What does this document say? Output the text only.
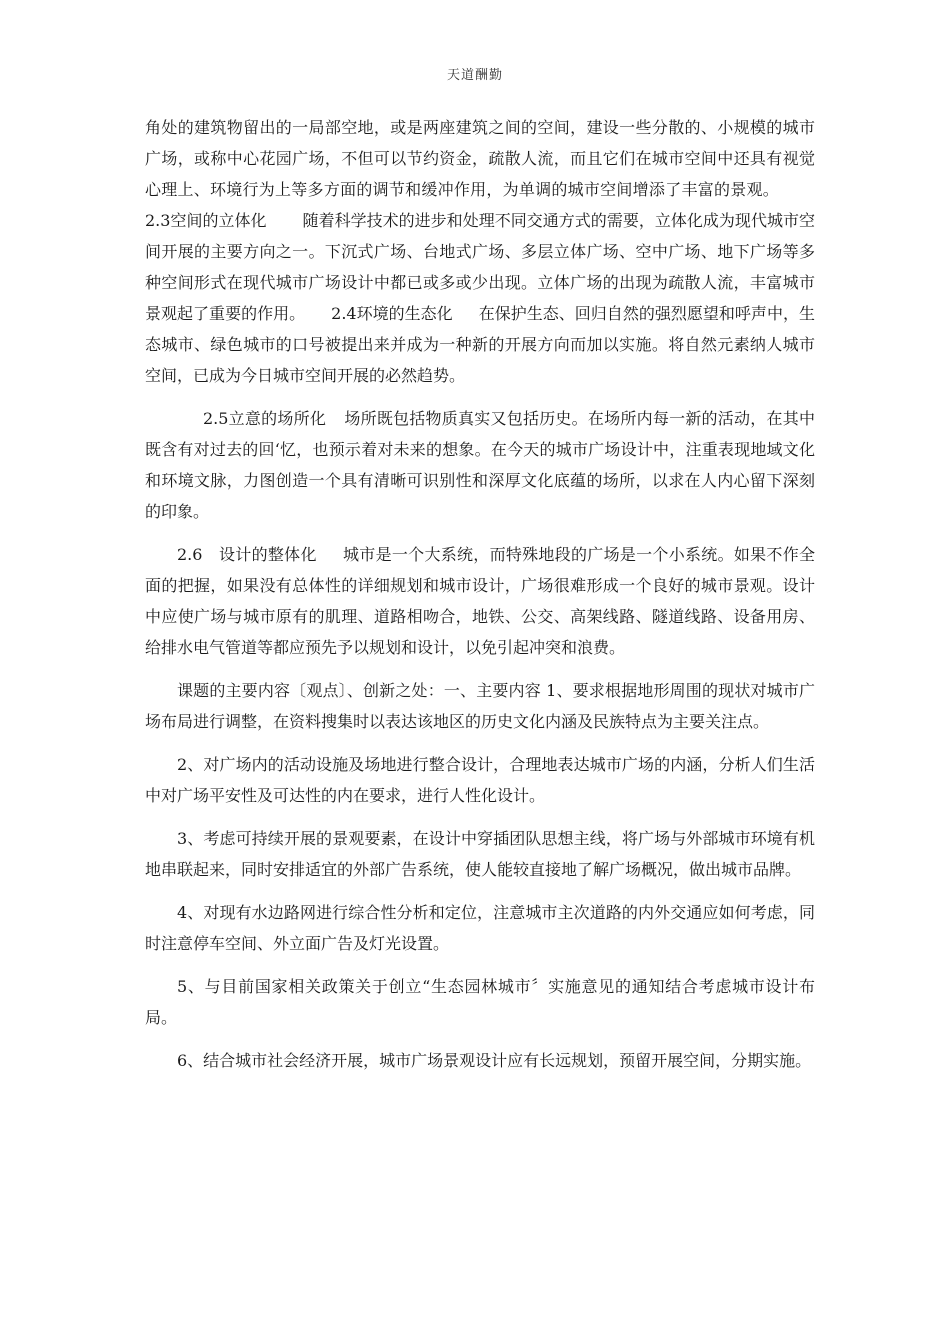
天道酬勤

角处的建筑物留出的一局部空地，或是两座建筑之间的空间，建设一些分散的、小规模的城市广场，或称中心花园广场，不但可以节约资金，疏散人流，而且它们在城市空间中还具有视觉心理上、环境行为上等多方面的调节和缓冲作用，为单调的城市空间增添了丰富的景观。2.3空间的立体化 随着科学技术的进步和处理不同交通方式的需要，立体化成为现代城市空间开展的主要方向之一。下沉式广场、台地式广场、多层立体广场、空中广场、地下广场等多种空间形式在现代城市广场设计中都已或多或少出现。立体广场的出现为疏散人流，丰富城市景观起了重要的作用。 2.4环境的生态化 在保护生态、回归自然的强烈愿望和呼声中，生态城市、绿色城市的口号被提出来并成为一种新的开展方向而加以实施。将自然元素纳人城市空间，已成为今日城市空间开展的必然趋势。

2.5立意的场所化 场所既包括物质真实又包括历史。在场所内每一新的活动，在其中既含有对过去的回‘忆，也预示着对未来的想象。在今天的城市广场设计中，注重表现地域文化和环境文脉，力图创造一个具有清晰可识别性和深厚文化底蕴的场所，以求在人内心留下深刻的印象。

2.6　设计的整体化 城市是一个大系统，而特殊地段的广场是一个小系统。如果不作全面的把握，如果没有总体性的详细规划和城市设计，广场很难形成一个良好的城市景观。设计中应使广场与城市原有的肌理、道路相吻合，地铁、公交、高架线路、隧道线路、设备用房、给排水电气管道等都应预先予以规划和设计，以免引起冲突和浪费。

课题的主要内容〔观点〕、创新之处：一、主要内容 1、要求根据地形周围的现状对城市广场布局进行调整，在资料搜集时以表达该地区的历史文化内涵及民族特点为主要关注点。

2、对广场内的活动设施及场地进行整合设计，合理地表达城市广场的内涵，分析人们生活中对广场平安性及可达性的内在要求，进行人性化设计。

3、考虑可持续开展的景观要素，在设计中穿插团队思想主线，将广场与外部城市环境有机地串联起来，同时安排适宜的外部广告系统，使人能较直接地了解广场概况，做出城市品牌。

4、对现有水边路网进行综合性分析和定位，注意城市主次道路的内外交通应如何考虑，同时注意停车空间、外立面广告及灯光设置。

5、与目前国家相关政策关于创立“生态园林城市〞实施意见的通知结合考虑城市设计布局。

6、结合城市社会经济开展，城市广场景观设计应有长远规划，预留开展空间，分期实施。
